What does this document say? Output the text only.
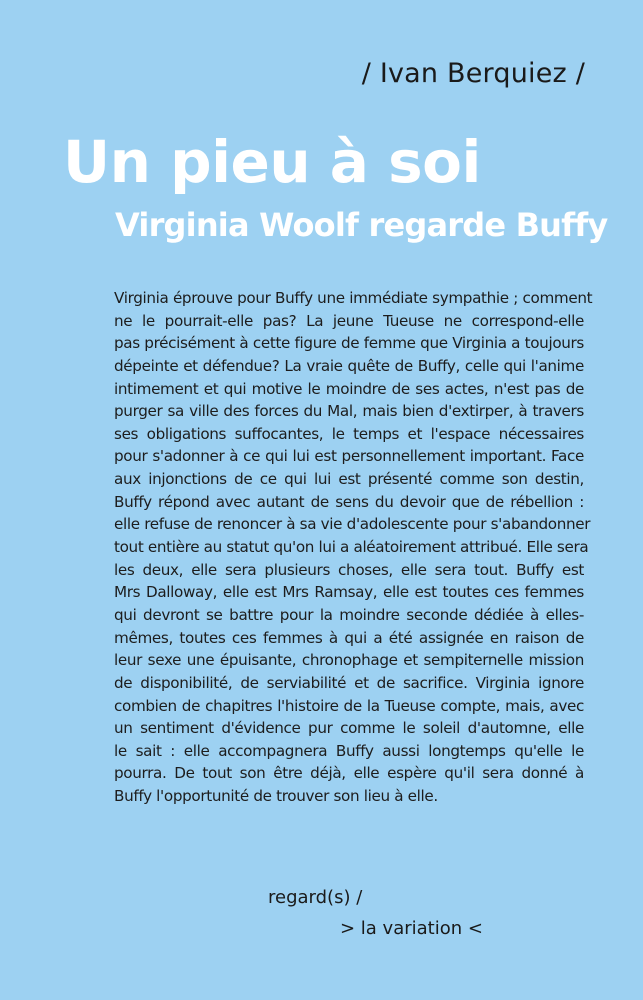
/ Ivan Berquiez /
Un pieu à soi
Virginia Woolf regarde Buffy
Virginia éprouve pour Buffy une immédiate sympathie ; comment
ne le pourrait-elle pas? La jeune Tueuse ne correspond-elle
pas précisément à cette figure de femme que Virginia a toujours
dépeinte et défendue? La vraie quête de Buffy, celle qui l'anime
intimement et qui motive le moindre de ses actes, n'est pas de
purger sa ville des forces du Mal, mais bien d'extirper, à travers
ses obligations suffocantes, le temps et l'espace nécessaires
pour s'adonner à ce qui lui est personnellement important. Face
aux injonctions de ce qui lui est présenté comme son destin,
Buffy répond avec autant de sens du devoir que de rébellion :
elle refuse de renoncer à sa vie d'adolescente pour s'abandonner
tout entière au statut qu'on lui a aléatoirement attribué. Elle sera
les deux, elle sera plusieurs choses, elle sera tout. Buffy est
Mrs Dalloway, elle est Mrs Ramsay, elle est toutes ces femmes
qui devront se battre pour la moindre seconde dédiée à elles-
mêmes, toutes ces femmes à qui a été assignée en raison de
leur sexe une épuisante, chronophage et sempiternelle mission
de disponibilité, de serviabilité et de sacrifice. Virginia ignore
combien de chapitres l'histoire de la Tueuse compte, mais, avec
un sentiment d'évidence pur comme le soleil d'automne, elle
le sait : elle accompagnera Buffy aussi longtemps qu'elle le
pourra. De tout son être déjà, elle espère qu'il sera donné à
Buffy l'opportunité de trouver son lieu à elle.
regard(s) /
> la variation <
